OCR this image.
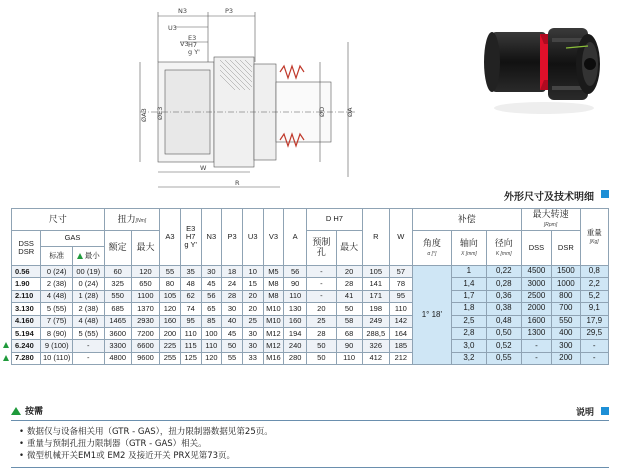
N3	P3
U3
V3
E3
H7
g Y'
ØA3 ØE3
W
R
ØD	ØA
外形尺寸及技术明细
尺寸			扭力[Nm]		A3	E3
H7
g Y'	N3	P3	U3	V3	A	D H7		R	W	补偿			最大转速
[Rpm]		重量
[Kg]
DSS
DSR	GAS		额定	最大								预制孔	最大			角度
α [°]	轴向
X [mm]	径向
K [mm]	DSS	DSR	
	标准	最小																			
0.56	0 (24)	00 (19)	60	120	55	35	30	18	10	M5	56	-	20	105	57	1° 18'	1	0,22	4500	1500	0,8
1.90	2 (38)	0 (24)	325	650	80	48	45	24	15	M8	90	-	28	141	78		1,4	0,28	3000	1000	2,2
2.110	4 (48)	1 (28)	550	1100	105	62	56	28	20	M8	110	-	41	171	95		1,7	0,36	2500	800	5,2
3.130	5 (55)	2 (38)	685	1370	120	74	65	30	20	M10	130	20	50	198	110		1,8	0,38	2000	700	9,1
4.160	7 (75)	4 (48)	1465	2930	160	95	85	40	25	M10	160	25	58	249	142		2,5	0,48	1600	550	17,9
5.194	8 (90)	5 (55)	3600	7200	200	110	100	45	30	M12	194	28	68	288,5	164		2,8	0,50	1300	400	29,5

6.240	9 (100)	-	3300	6600	225	115	110	50	30	M12	240	50	90	326	185		3,0	0,52	-	300	-

7.280	10 (110)	-	4800	9600	255	125	120	55	33	M16	280	50	110	412	212		3,2	0,55	-	200	-
按需	说明
• 数据仅与设备相关用（GTR - GAS），扭力限制器数据见第25页。
• 重量与预制孔扭力限制器（GTR - GAS）相关。
• 微型机械开关EM1或 EM2 及接近开关 PRX见第73页。
